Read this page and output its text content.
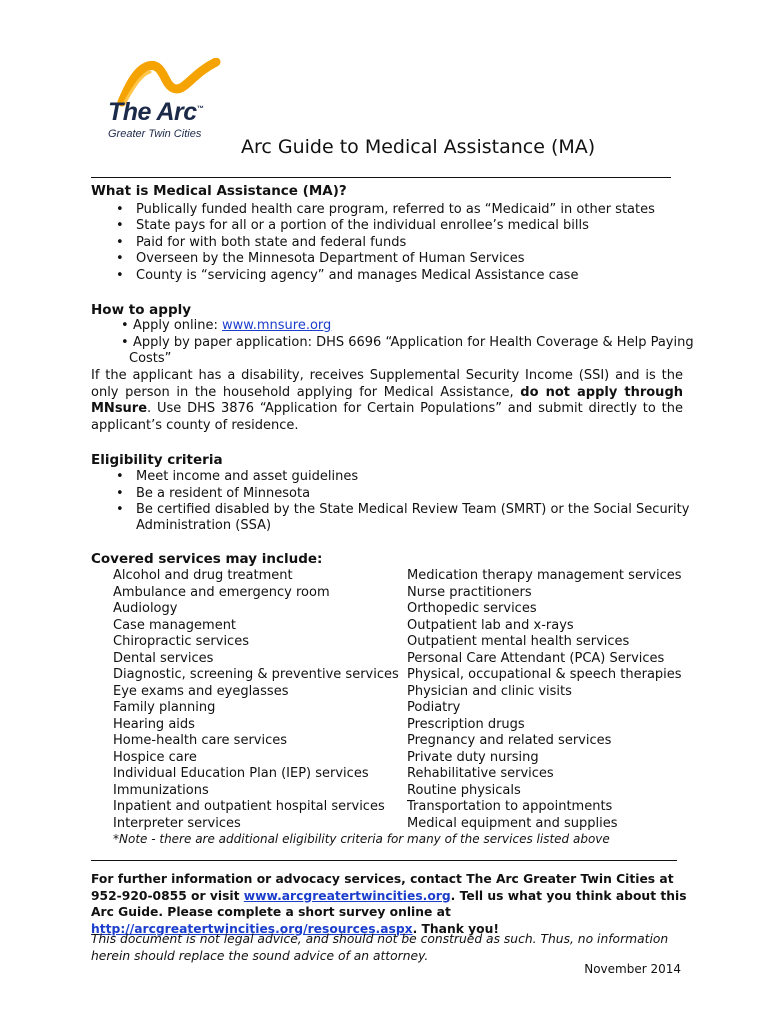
The Arc™
Greater Twin Cities
Arc Guide to Medical Assistance (MA)
What is Medical Assistance (MA)?
• Publically funded health care program, referred to as “Medicaid” in other states
• State pays for all or a portion of the individual enrollee’s medical bills
• Paid for with both state and federal funds
• Overseen by the Minnesota Department of Human Services
• County is “servicing agency” and manages Medical Assistance case
How to apply
• Apply online: www.mnsure.org
• Apply by paper application: DHS 6696 “Application for Health Coverage & Help Paying
Costs”
If the applicant has a disability, receives Supplemental Security Income (SSI) and is the only person in the household applying for Medical Assistance, do not apply through MNsure. Use DHS 3876 “Application for Certain Populations” and submit directly to the applicant’s county of residence.
Eligibility criteria
• Meet income and asset guidelines
• Be a resident of Minnesota
• Be certified disabled by the State Medical Review Team (SMRT) or the Social Security
Administration (SSA)
Covered services may include:
Alcohol and drug treatment
Ambulance and emergency room
Audiology
Case management
Chiropractic services
Dental services
Diagnostic, screening & preventive services
Eye exams and eyeglasses
Family planning
Hearing aids
Home-health care services
Hospice care
Individual Education Plan (IEP) services
Immunizations
Inpatient and outpatient hospital services
Interpreter services
Medication therapy management services
Nurse practitioners
Orthopedic services
Outpatient lab and x-rays
Outpatient mental health services
Personal Care Attendant (PCA) Services
Physical, occupational & speech therapies
Physician and clinic visits
Podiatry
Prescription drugs
Pregnancy and related services
Private duty nursing
Rehabilitative services
Routine physicals
Transportation to appointments
Medical equipment and supplies
*Note - there are additional eligibility criteria for many of the services listed above
For further information or advocacy services, contact The Arc Greater Twin Cities at 952-920-0855 or visit www.arcgreatertwincities.org. Tell us what you think about this Arc Guide. Please complete a short survey online at http://arcgreatertwincities.org/resources.aspx. Thank you!
This document is not legal advice, and should not be construed as such. Thus, no information herein should replace the sound advice of an attorney.
November 2014
